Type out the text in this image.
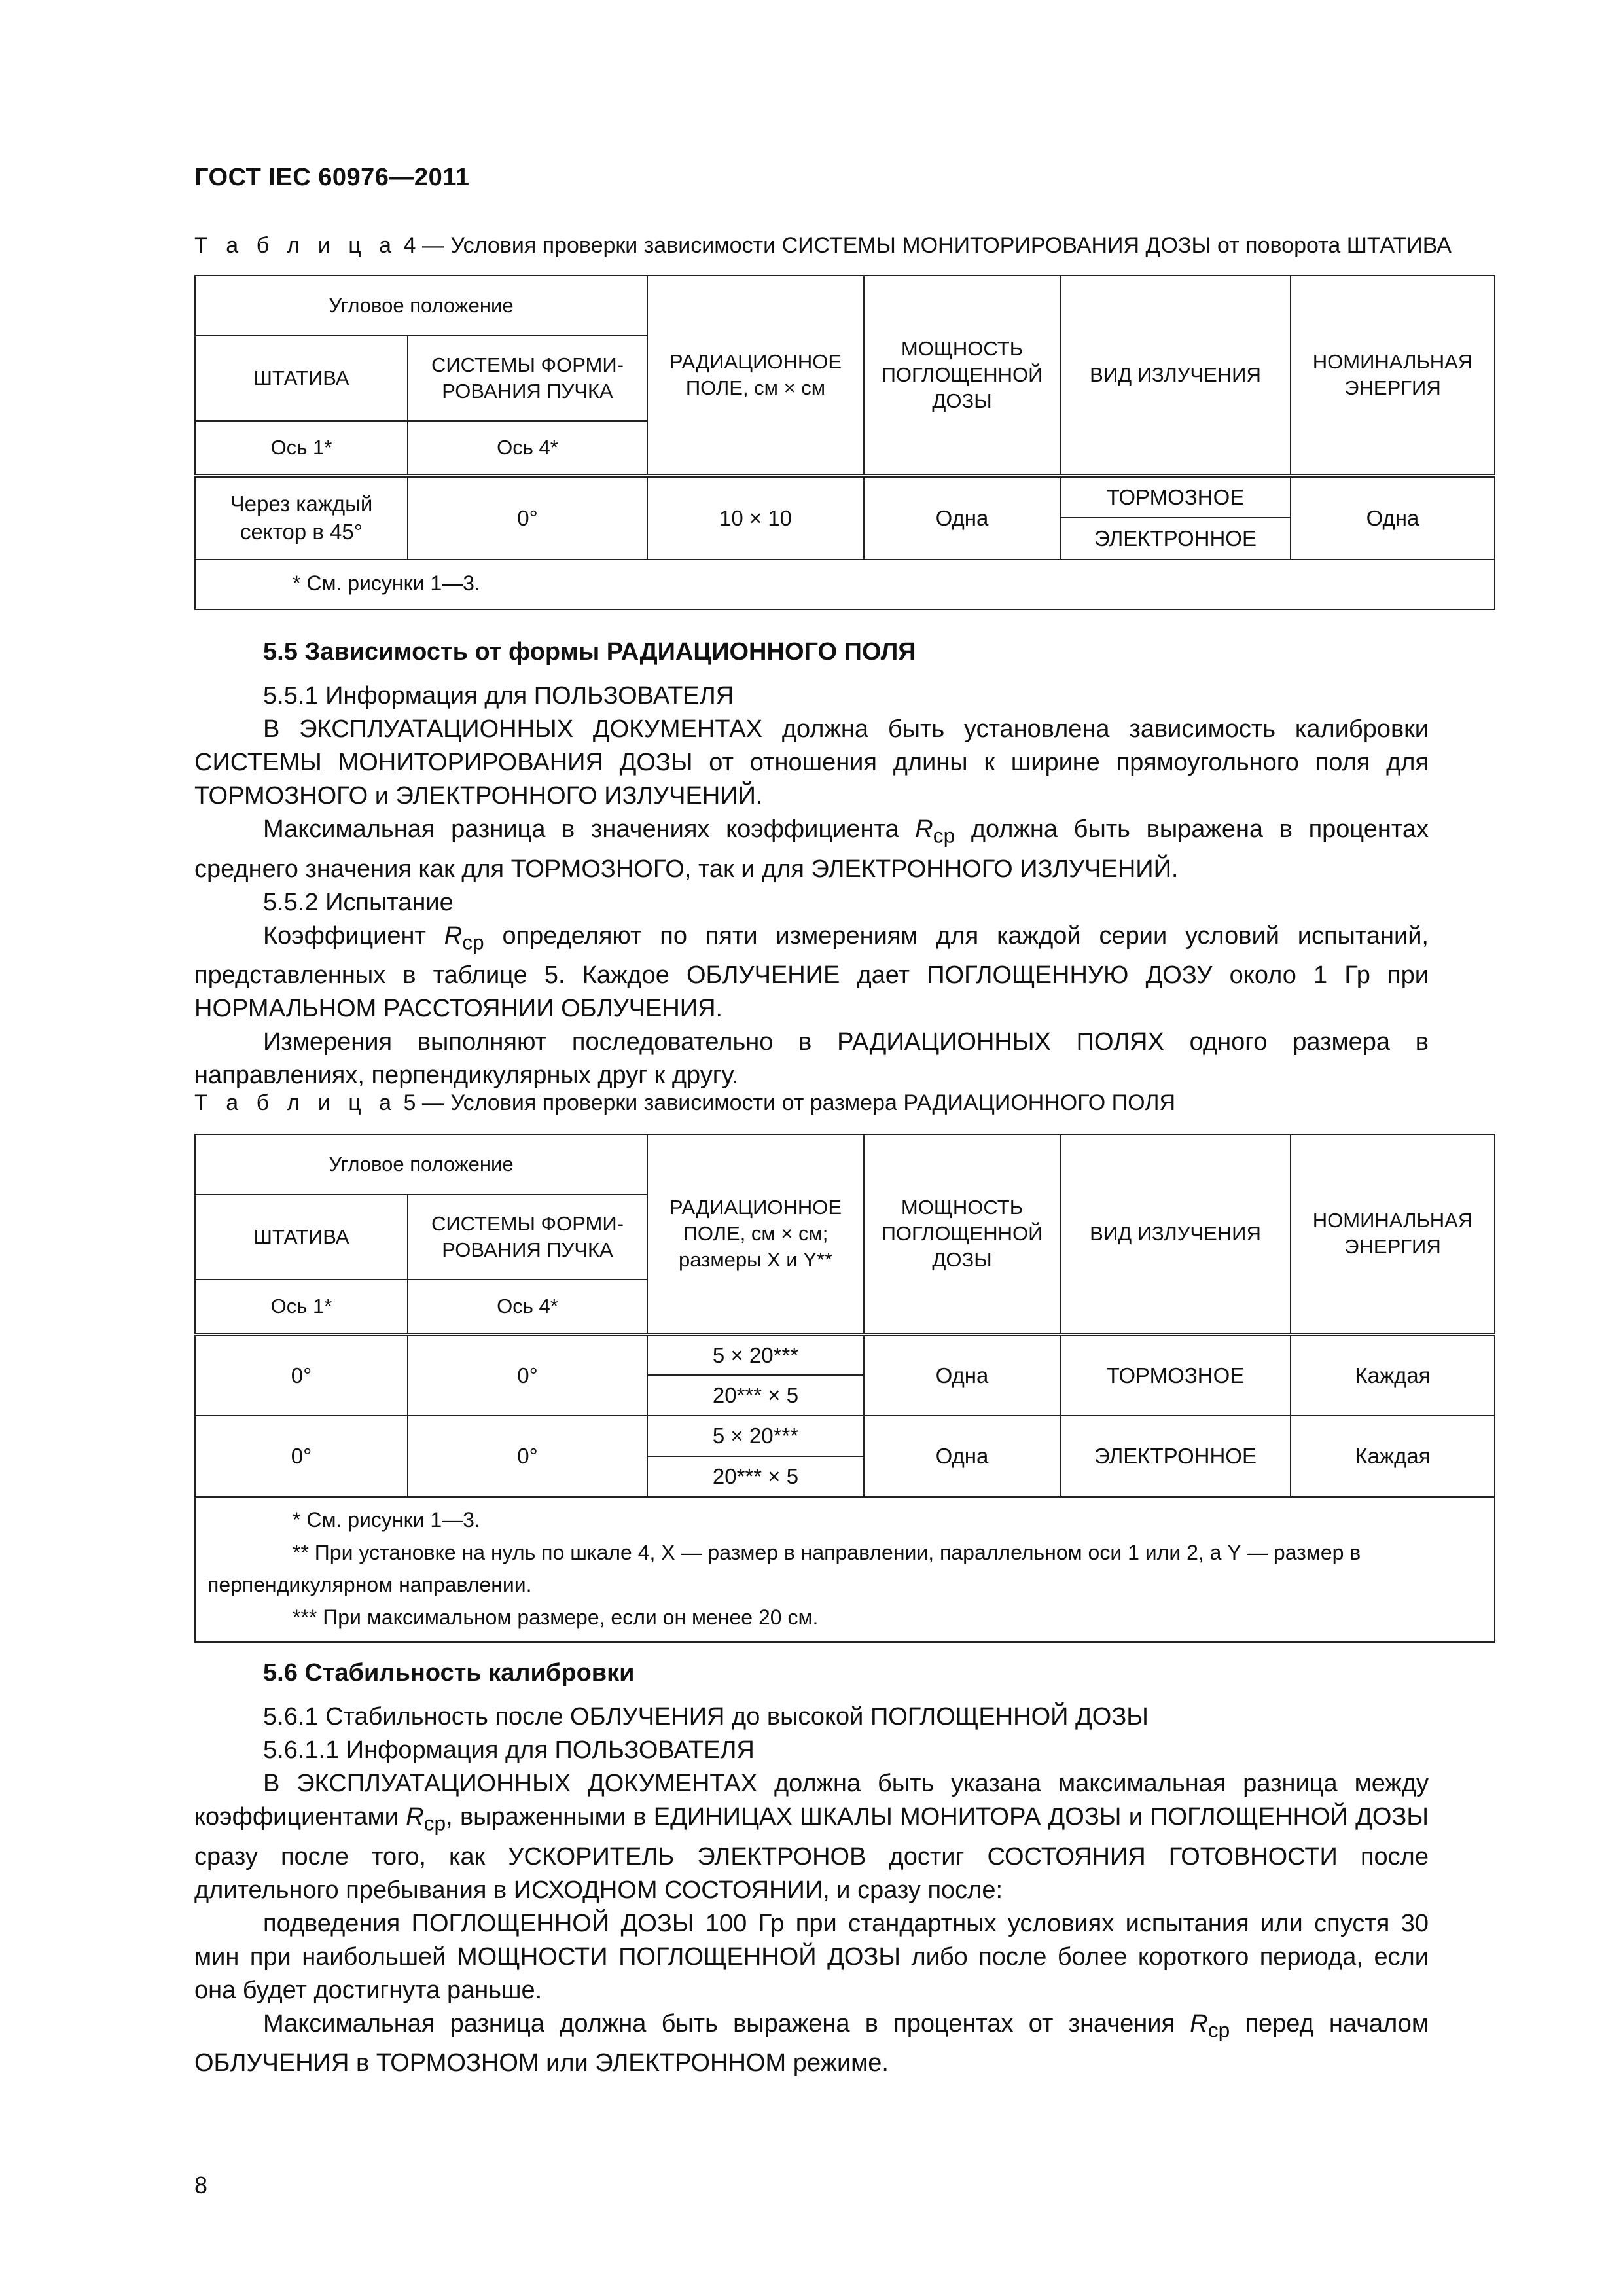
ГОСТ IEC 60976—2011
Т а б л и ц а 4 — Условия проверки зависимости СИСТЕМЫ МОНИТОРИРОВАНИЯ ДОЗЫ от поворота ШТАТИВА
Угловое положение		РАДИАЦИОННОЕ ПОЛЕ, см × см	МОЩНОСТЬ ПОГЛОЩЕННОЙ ДОЗЫ	ВИД ИЗЛУЧЕНИЯ	НОМИНАЛЬНАЯ ЭНЕРГИЯ
ШТАТИВА	СИСТЕМЫ ФОРМИ-РОВАНИЯ ПУЧКА				
Ось 1*	Ось 4*				
Через каждый сектор в 45°	0°	10 × 10	Одна	ТОРМОЗНОЕ	Одна
				ЭЛЕКТРОННОЕ	

* См. рисунки 1—3.					
5.5 Зависимость от формы РАДИАЦИОННОГО ПОЛЯ

5.5.1 Информация для ПОЛЬЗОВАТЕЛЯ

В ЭКСПЛУАТАЦИОННЫХ ДОКУМЕНТАХ должна быть установлена зависимость калибровки СИСТЕМЫ МОНИТОРИРОВАНИЯ ДОЗЫ от отношения длины к ширине прямоугольного поля для ТОРМОЗНОГО и ЭЛЕКТРОННОГО ИЗЛУЧЕНИЙ.

Максимальная разница в значениях коэффициента $R_{ср}$ должна быть выражена в процентах среднего значения как для ТОРМОЗНОГО, так и для ЭЛЕКТРОННОГО ИЗЛУЧЕНИЙ.

5.5.2 Испытание

Коэффициент $R_{ср}$ определяют по пяти измерениям для каждой серии условий испытаний, представленных в таблице 5. Каждое ОБЛУЧЕНИЕ дает ПОГЛОЩЕННУЮ ДОЗУ около 1 Гр при НОРМАЛЬНОМ РАССТОЯНИИ ОБЛУЧЕНИЯ.

Измерения выполняют последовательно в РАДИАЦИОННЫХ ПОЛЯХ одного размера в направлениях, перпендикулярных друг к другу.

Т а б л и ц а 5 — Условия проверки зависимости от размера РАДИАЦИОННОГО ПОЛЯ
Угловое положение		РАДИАЦИОННОЕ ПОЛЕ, см × см; размеры X и Y**	МОЩНОСТЬ ПОГЛОЩЕННОЙ ДОЗЫ	ВИД ИЗЛУЧЕНИЯ	НОМИНАЛЬНАЯ ЭНЕРГИЯ
ШТАТИВА	СИСТЕМЫ ФОРМИ-РОВАНИЯ ПУЧКА				
Ось 1*	Ось 4*				
0°	0°	5 × 20***	Одна	ТОРМОЗНОЕ	Каждая
		20*** × 5			
0°	0°	5 × 20***	Одна	ЭЛЕКТРОННОЕ	Каждая
		20*** × 5			

* См. рисунки 1—3.
** При установке на нуль по шкале 4, X — размер в направлении, параллельном оси 1 или 2, а Y — размер в перпендикулярном направлении.
*** При максимальном размере, если он менее 20 см.					
5.6 Стабильность калибровки

5.6.1 Стабильность после ОБЛУЧЕНИЯ до высокой ПОГЛОЩЕННОЙ ДОЗЫ

5.6.1.1 Информация для ПОЛЬЗОВАТЕЛЯ

В ЭКСПЛУАТАЦИОННЫХ ДОКУМЕНТАХ должна быть указана максимальная разница между коэффициентами $R_{ср}$, выраженными в ЕДИНИЦАХ ШКАЛЫ МОНИТОРА ДОЗЫ и ПОГЛОЩЕННОЙ ДОЗЫ сразу после того, как УСКОРИТЕЛЬ ЭЛЕКТРОНОВ достиг СОСТОЯНИЯ ГОТОВНОСТИ после длительного пребывания в ИСХОДНОМ СОСТОЯНИИ, и сразу после:

подведения ПОГЛОЩЕННОЙ ДОЗЫ 100 Гр при стандартных условиях испытания или спустя 30 мин при наибольшей МОЩНОСТИ ПОГЛОЩЕННОЙ ДОЗЫ либо после более короткого периода, если она будет достигнута раньше.

Максимальная разница должна быть выражена в процентах от значения $R_{ср}$ перед началом ОБЛУЧЕНИЯ в ТОРМОЗНОМ или ЭЛЕКТРОННОМ режиме.

8
